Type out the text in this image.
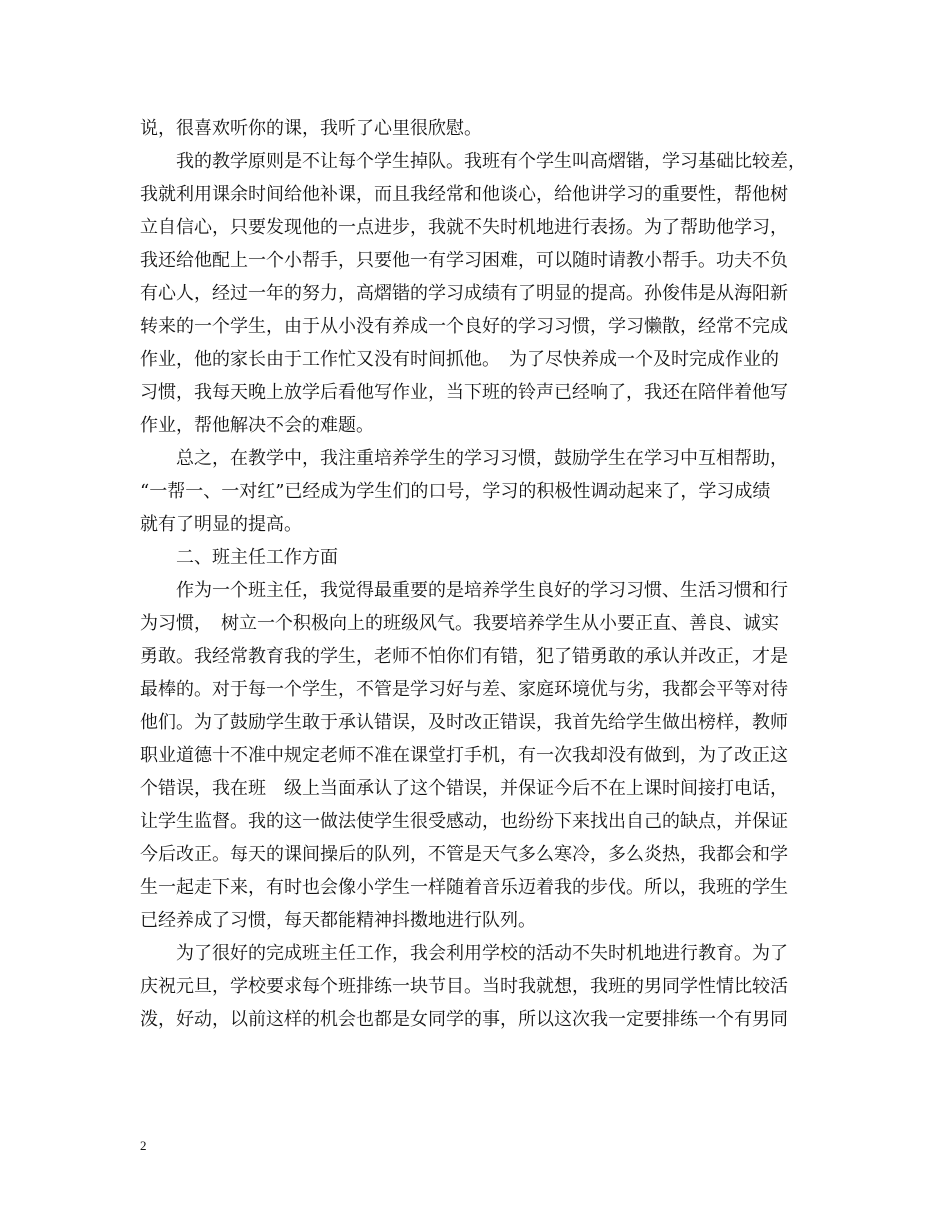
说，很喜欢听你的课，我听了心里很欣慰。
　　我的教学原则是不让每个学生掉队。我班有个学生叫高熠锴，学习基础比较差，
我就利用课余时间给他补课，而且我经常和他谈心，给他讲学习的重要性，帮他树
立自信心，只要发现他的一点进步，我就不失时机地进行表扬。为了帮助他学习，
我还给他配上一个小帮手，只要他一有学习困难，可以随时请教小帮手。功夫不负
有心人，经过一年的努力，高熠锴的学习成绩有了明显的提高。孙俊伟是从海阳新
转来的一个学生，由于从小没有养成一个良好的学习习惯，学习懒散，经常不完成
作业，他的家长由于工作忙又没有时间抓他。　为了尽快养成一个及时完成作业的
习惯，我每天晚上放学后看他写作业，当下班的铃声已经响了，我还在陪伴着他写
作业，帮他解决不会的难题。
　　总之，在教学中，我注重培养学生的学习习惯，鼓励学生在学习中互相帮助，
“一帮一、一对红”已经成为学生们的口号，学习的积极性调动起来了，学习成绩
就有了明显的提高。
　　二、班主任工作方面
　　作为一个班主任，我觉得最重要的是培养学生良好的学习习惯、生活习惯和行
为习惯，　树立一个积极向上的班级风气。我要培养学生从小要正直、善良、诚实
勇敢。我经常教育我的学生，老师不怕你们有错，犯了错勇敢的承认并改正，才是
最棒的。对于每一个学生，不管是学习好与差、家庭环境优与劣，我都会平等对待
他们。为了鼓励学生敢于承认错误，及时改正错误，我首先给学生做出榜样，教师
职业道德十不准中规定老师不准在课堂打手机，有一次我却没有做到，为了改正这
个错误，我在班　级上当面承认了这个错误，并保证今后不在上课时间接打电话，
让学生监督。我的这一做法使学生很受感动，也纷纷下来找出自己的缺点，并保证
今后改正。每天的课间操后的队列，不管是天气多么寒冷，多么炎热，我都会和学
生一起走下来，有时也会像小学生一样随着音乐迈着我的步伐。所以，我班的学生
已经养成了习惯，每天都能精神抖擞地进行队列。
　　为了很好的完成班主任工作，我会利用学校的活动不失时机地进行教育。为了
庆祝元旦，学校要求每个班排练一块节目。当时我就想，我班的男同学性情比较活
泼，好动，以前这样的机会也都是女同学的事，所以这次我一定要排练一个有男同
2
